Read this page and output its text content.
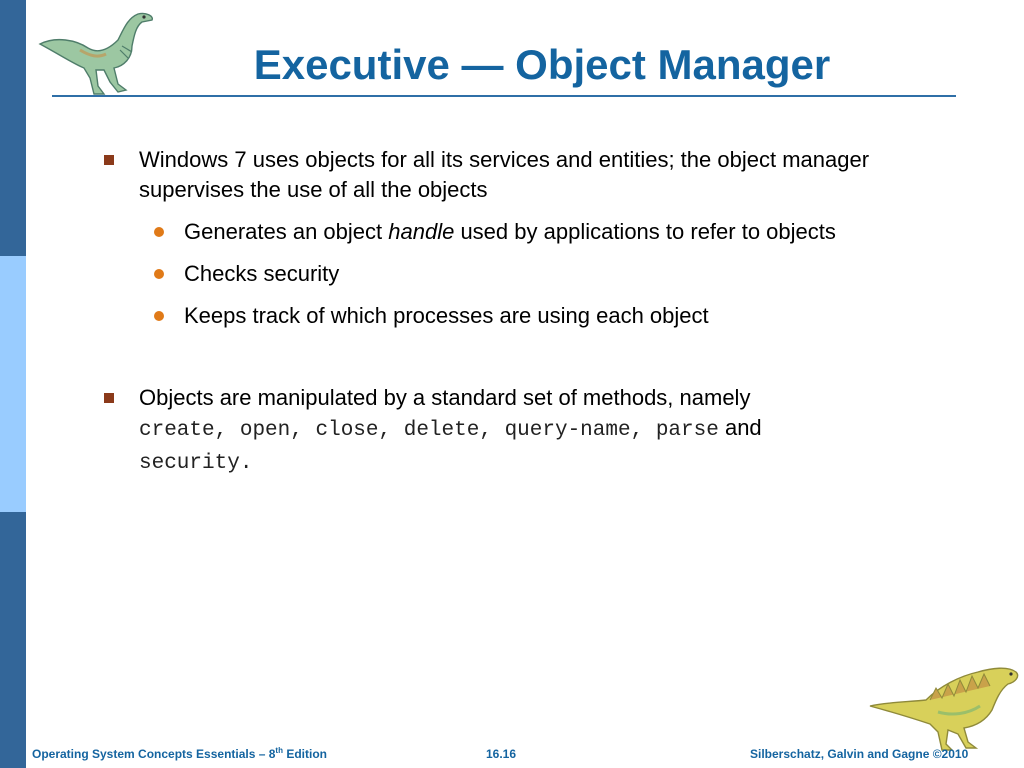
Executive — Object Manager
Windows 7 uses objects for all its services and entities; the object manager supervises the use of all the objects
Generates an object handle used by applications to refer to objects
Checks security
Keeps track of which processes are using each object
Objects are manipulated by a standard set of methods, namely
create, open, close, delete, query-name, parse and
security.
Operating System Concepts Essentials – 8th Edition	16.16	Silberschatz, Galvin and Gagne ©2010
